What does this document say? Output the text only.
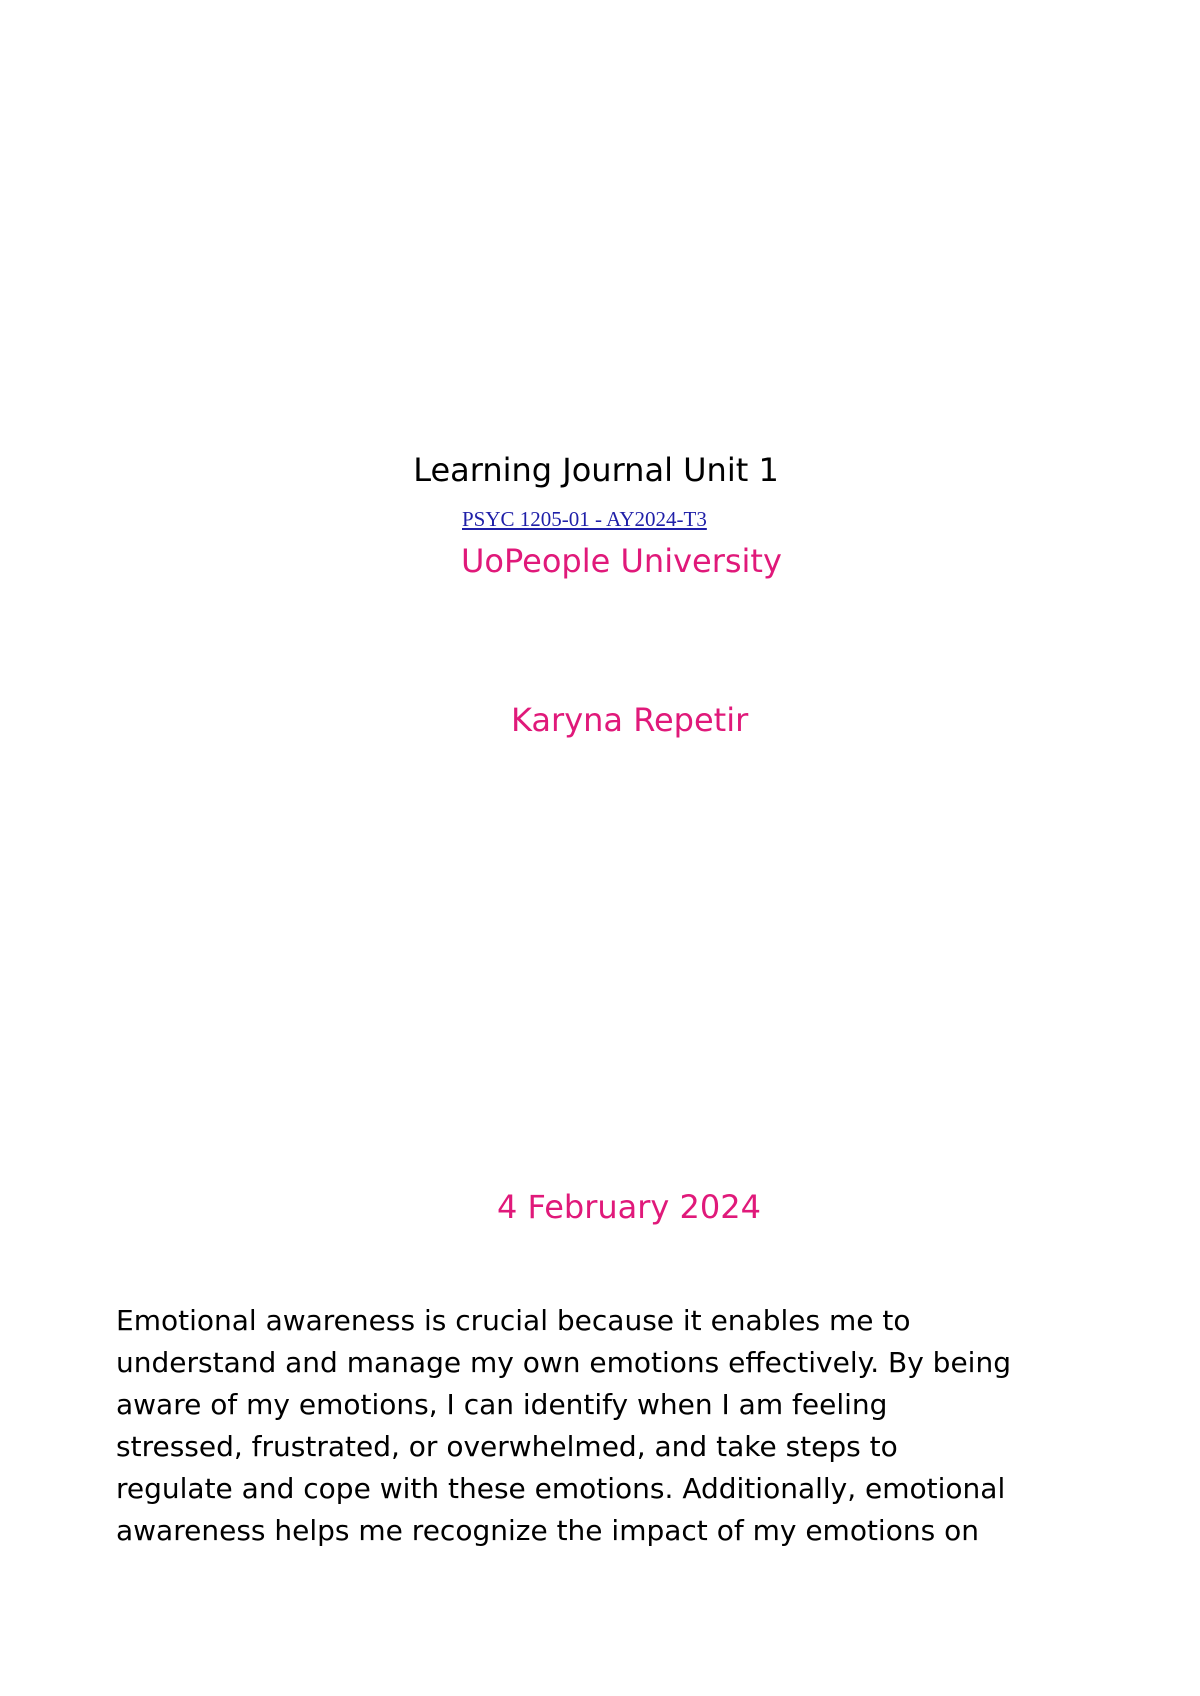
Learning Journal Unit 1
PSYC 1205-01 - AY2024-T3
UoPeople University
Karyna Repetir
4 February 2024
Emotional awareness is crucial because it enables me to
understand and manage my own emotions effectively. By being
aware of my emotions, I can identify when I am feeling
stressed, frustrated, or overwhelmed, and take steps to
regulate and cope with these emotions. Additionally, emotional
awareness helps me recognize the impact of my emotions on
